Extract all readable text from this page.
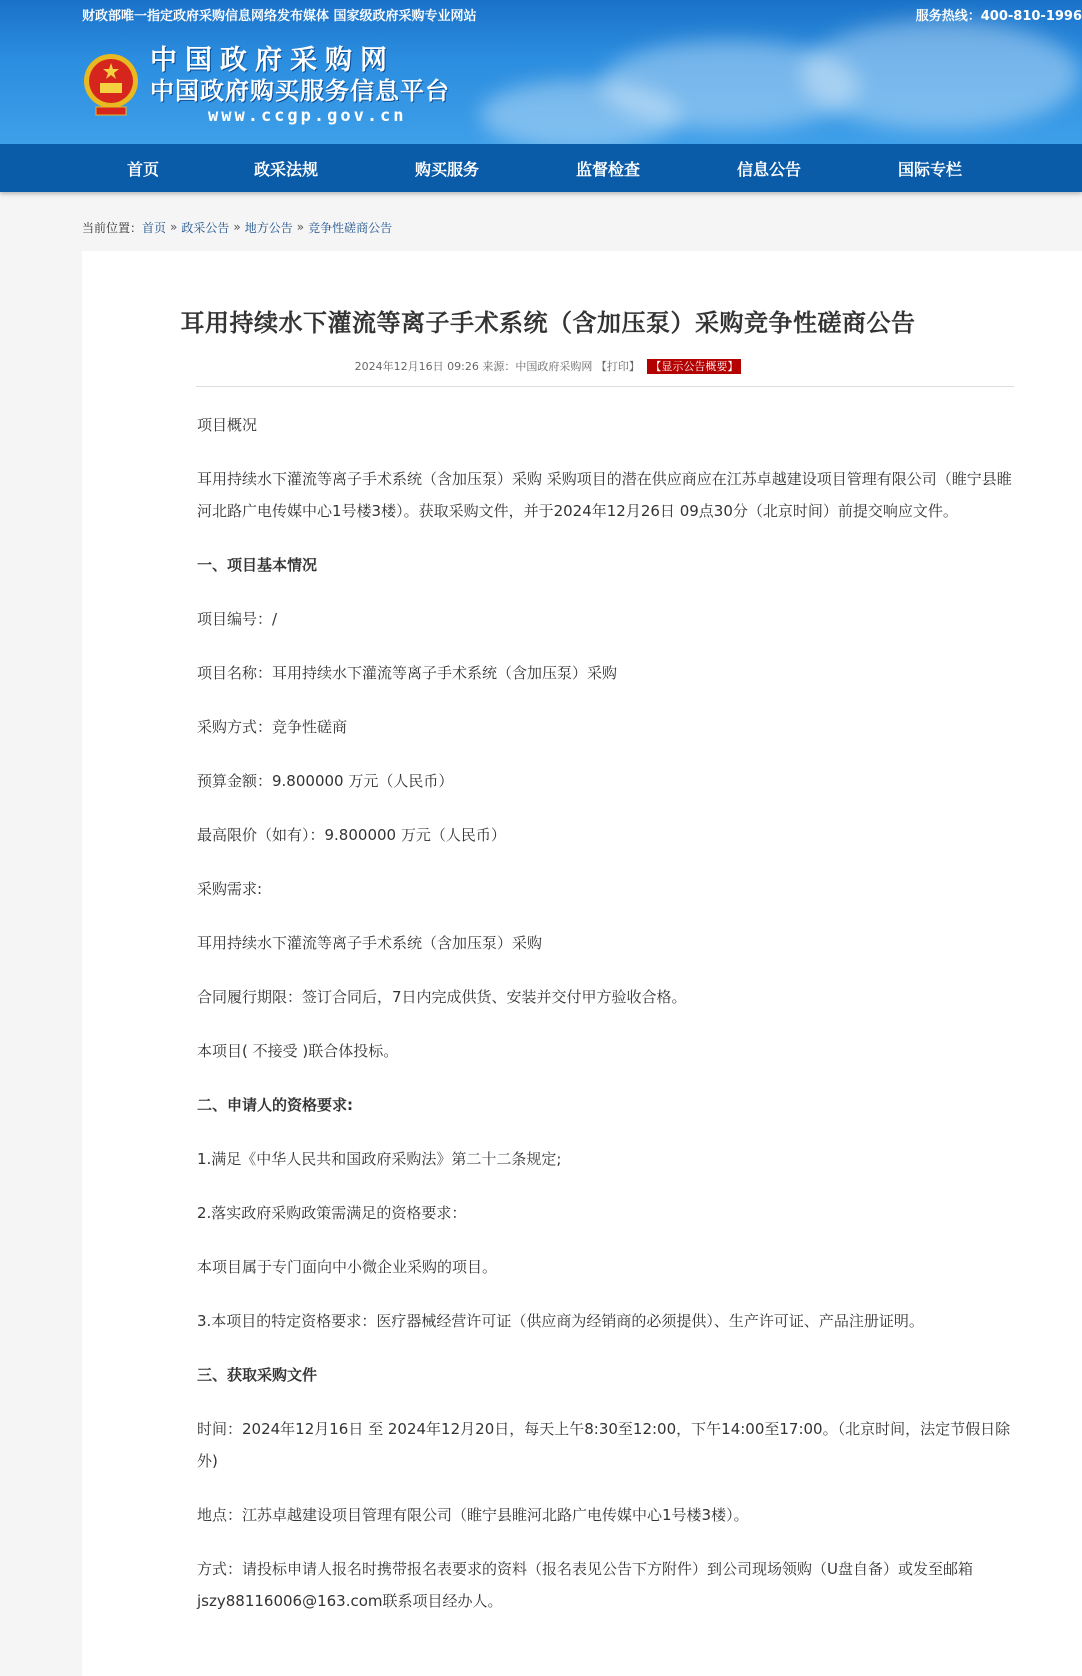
财政部唯一指定政府采购信息网络发布媒体 国家级政府采购专业网站	服务热线：400-810-1996
中国政府采购网
中国政府购买服务信息平台
www.ccgp.gov.cn
首页	政采法规	购买服务	监督检查	信息公告	国际专栏
当前位置： 首页 » 政采公告 » 地方公告 » 竞争性磋商公告
耳用持续水下灌流等离子手术系统（含加压泵）采购竞争性磋商公告
2024年12月16日 09:26 来源：中国政府采购网 【打印】 【显示公告概要】

项目概况

耳用持续水下灌流等离子手术系统（含加压泵）采购 采购项目的潜在供应商应在江苏卓越建设项目管理有限公司（睢宁县睢河北路广电传媒中心1号楼3楼）。获取采购文件，并于2024年12月26日 09点30分（北京时间）前提交响应文件。

一、项目基本情况

项目编号：/

项目名称：耳用持续水下灌流等离子手术系统（含加压泵）采购

采购方式：竞争性磋商

预算金额：9.800000 万元（人民币）

最高限价（如有）：9.800000 万元（人民币）

采购需求:

耳用持续水下灌流等离子手术系统（含加压泵）采购

合同履行期限：签订合同后，7日内完成供货、安装并交付甲方验收合格。

本项目( 不接受 )联合体投标。

二、申请人的资格要求:

1.满足《中华人民共和国政府采购法》第二十二条规定;

2.落实政府采购政策需满足的资格要求：

本项目属于专门面向中小微企业采购的项目。

3.本项目的特定资格要求：医疗器械经营许可证（供应商为经销商的必须提供）、生产许可证、产品注册证明。

三、获取采购文件

时间：2024年12月16日 至 2024年12月20日，每天上午8:30至12:00，下午14:00至17:00。（北京时间，法定节假日除外)

地点：江苏卓越建设项目管理有限公司（睢宁县睢河北路广电传媒中心1号楼3楼）。

方式：请投标申请人报名时携带报名表要求的资料（报名表见公告下方附件）到公司现场领购（U盘自备）或发至邮箱jszy88116006@163.com联系项目经办人。
